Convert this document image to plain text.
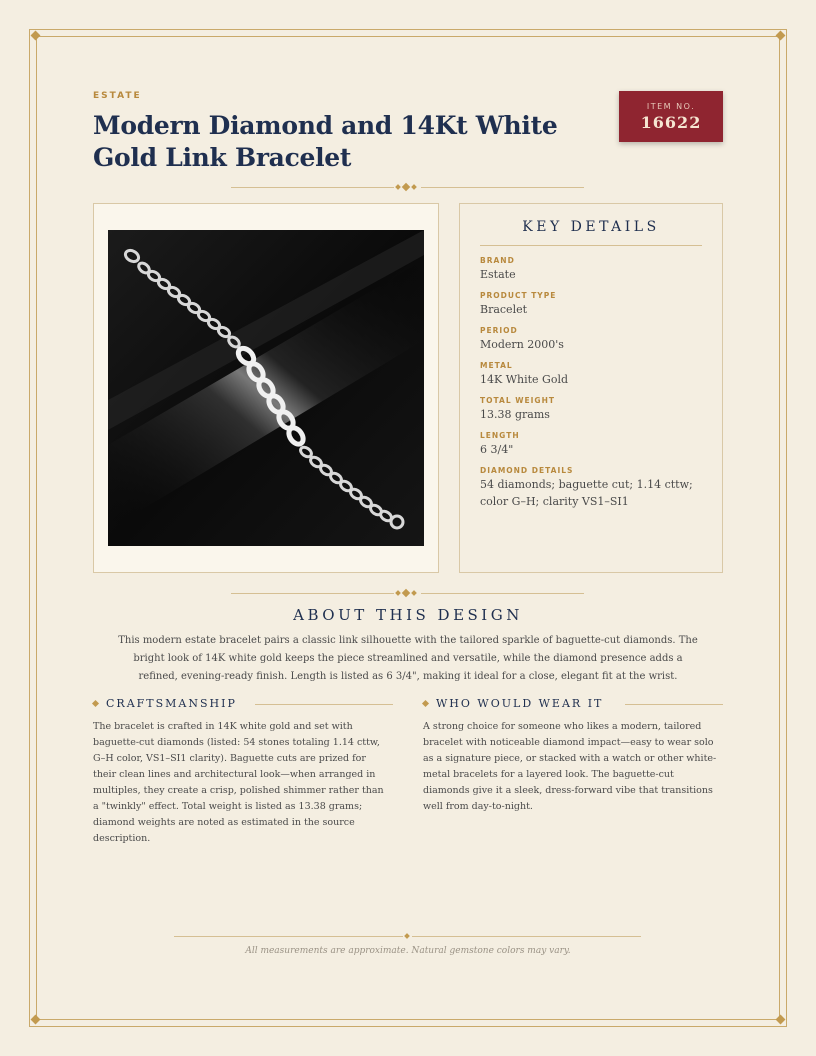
ESTATE
Modern Diamond and 14Kt White Gold Link Bracelet
ITEM NO.
16622
KEY DETAILS
BRAND
Estate
PRODUCT TYPE
Bracelet
PERIOD
Modern 2000's
METAL
14K White Gold
TOTAL WEIGHT
13.38 grams
LENGTH
6 3/4"
DIAMOND DETAILS
54 diamonds; baguette cut; 1.14 cttw; color G–H; clarity VS1–SI1
ABOUT THIS DESIGN

This modern estate bracelet pairs a classic link silhouette with the tailored sparkle of baguette-cut diamonds. The bright look of 14K white gold keeps the piece streamlined and versatile, while the diamond presence adds a refined, evening-ready finish. Length is listed as 6 3/4", making it ideal for a close, elegant fit at the wrist.

CRAFTSMANSHIP

The bracelet is crafted in 14K white gold and set with baguette-cut diamonds (listed: 54 stones totaling 1.14 cttw, G–H color, VS1–SI1 clarity). Baguette cuts are prized for their clean lines and architectural look—when arranged in multiples, they create a crisp, polished shimmer rather than a "twinkly" effect. Total weight is listed as 13.38 grams; diamond weights are noted as estimated in the source description.

WHO WOULD WEAR IT

A strong choice for someone who likes a modern, tailored bracelet with noticeable diamond impact—easy to wear solo as a signature piece, or stacked with a watch or other white-metal bracelets for a layered look. The baguette-cut diamonds give it a sleek, dress-forward vibe that transitions well from day-to-night.

All measurements are approximate. Natural gemstone colors may vary.
